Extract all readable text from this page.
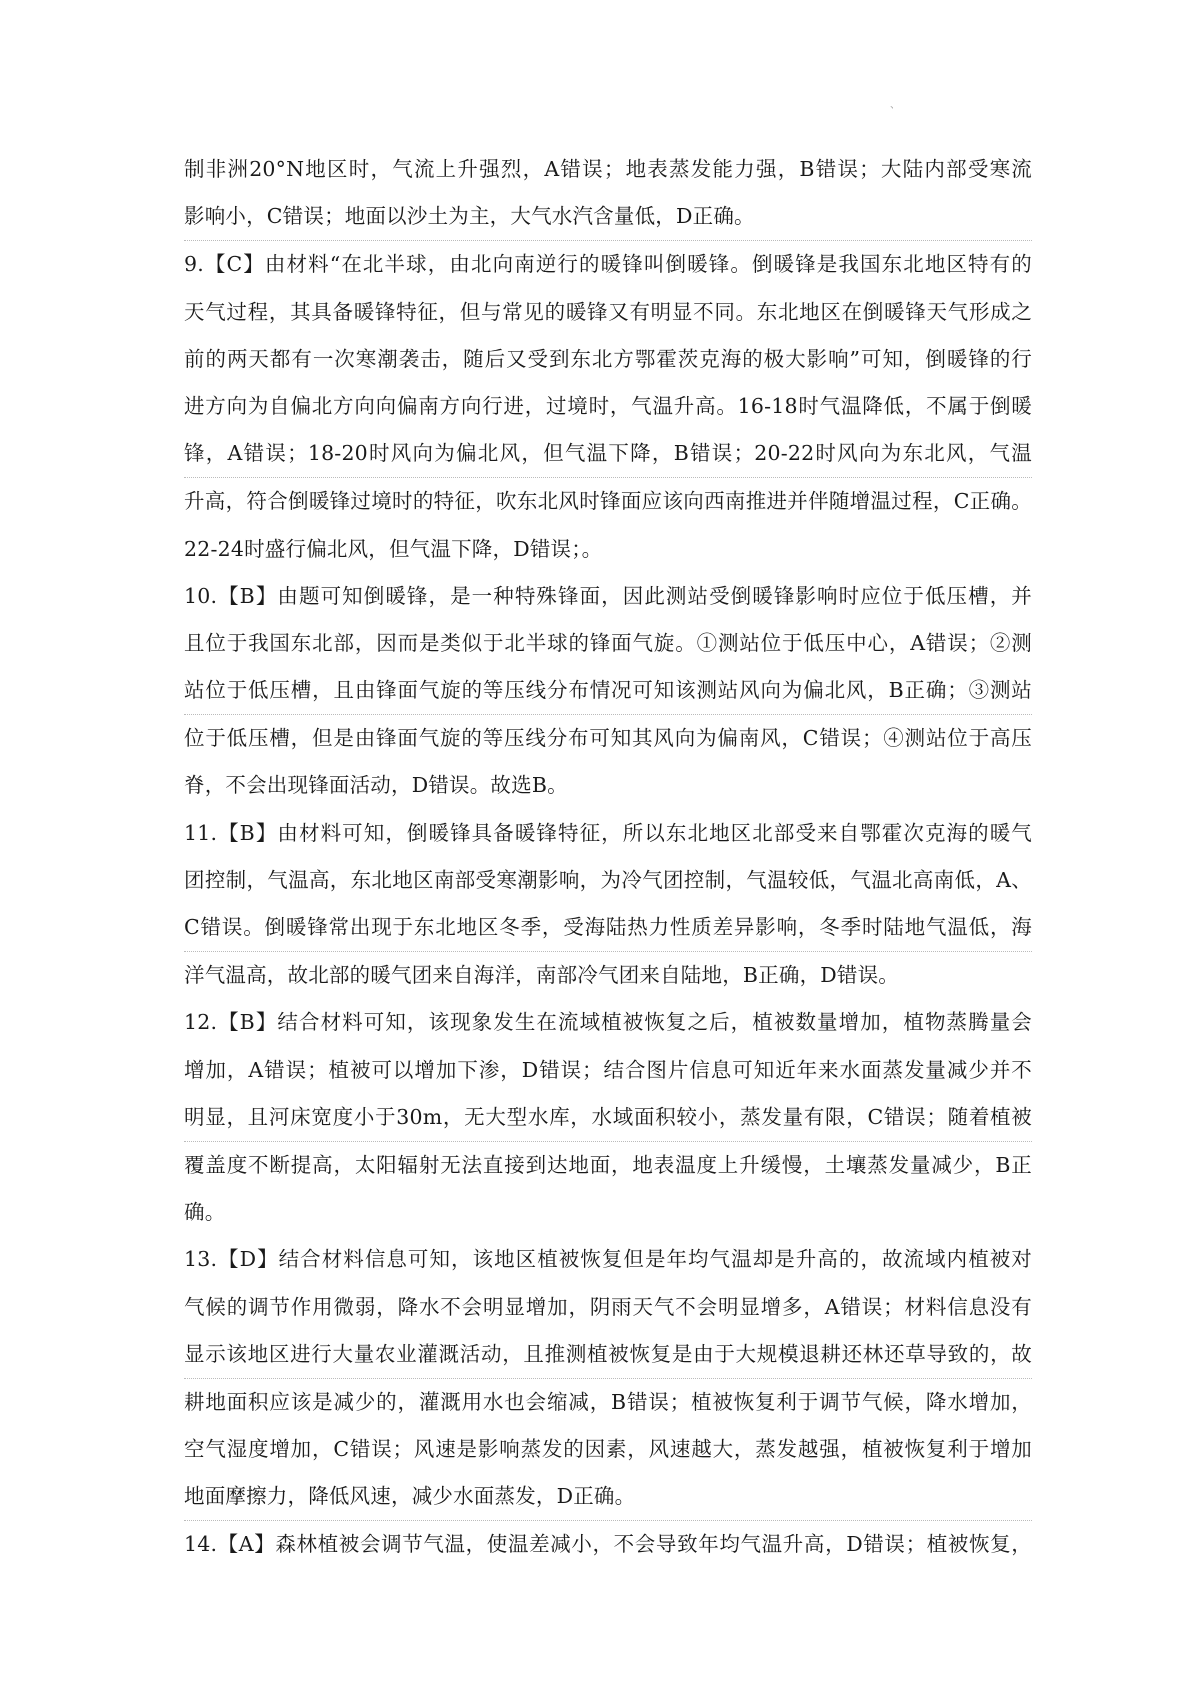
、
制非洲20°N地区时，气流上升强烈，A错误；地表蒸发能力强，B错误；大陆内部受寒流
影响小，C错误；地面以沙土为主，大气水汽含量低，D正确。
9.【C】由材料“在北半球，由北向南逆行的暖锋叫倒暖锋。倒暖锋是我国东北地区特有的
天气过程，其具备暖锋特征，但与常见的暖锋又有明显不同。东北地区在倒暖锋天气形成之
前的两天都有一次寒潮袭击，随后又受到东北方鄂霍茨克海的极大影响”可知，倒暖锋的行
进方向为自偏北方向向偏南方向行进，过境时，气温升高。16-18时气温降低，不属于倒暖
锋，A错误；18-20时风向为偏北风，但气温下降，B错误；20-22时风向为东北风，气温
升高，符合倒暖锋过境时的特征，吹东北风时锋面应该向西南推进并伴随增温过程，C正确。
22-24时盛行偏北风，但气温下降，D错误；。
10.【B】由题可知倒暖锋，是一种特殊锋面，因此测站受倒暖锋影响时应位于低压槽，并
且位于我国东北部，因而是类似于北半球的锋面气旋。①测站位于低压中心，A错误；②测
站位于低压槽，且由锋面气旋的等压线分布情况可知该测站风向为偏北风，B正确；③测站
位于低压槽，但是由锋面气旋的等压线分布可知其风向为偏南风，C错误；④测站位于高压
脊，不会出现锋面活动，D错误。故选B。
11.【B】由材料可知，倒暖锋具备暖锋特征，所以东北地区北部受来自鄂霍次克海的暖气
团控制，气温高，东北地区南部受寒潮影响，为冷气团控制，气温较低，气温北高南低，A、
C错误。倒暖锋常出现于东北地区冬季，受海陆热力性质差异影响，冬季时陆地气温低，海
洋气温高，故北部的暖气团来自海洋，南部冷气团来自陆地，B正确，D错误。
12.【B】结合材料可知，该现象发生在流域植被恢复之后，植被数量增加，植物蒸腾量会
增加，A错误；植被可以增加下渗，D错误；结合图片信息可知近年来水面蒸发量减少并不
明显，且河床宽度小于30m，无大型水库，水域面积较小，蒸发量有限，C错误；随着植被
覆盖度不断提高，太阳辐射无法直接到达地面，地表温度上升缓慢，土壤蒸发量减少，B正
确。
13.【D】结合材料信息可知，该地区植被恢复但是年均气温却是升高的，故流域内植被对
气候的调节作用微弱，降水不会明显增加，阴雨天气不会明显增多，A错误；材料信息没有
显示该地区进行大量农业灌溉活动，且推测植被恢复是由于大规模退耕还林还草导致的，故
耕地面积应该是减少的，灌溉用水也会缩减，B错误；植被恢复利于调节气候，降水增加，
空气湿度增加，C错误；风速是影响蒸发的因素，风速越大，蒸发越强，植被恢复利于增加
地面摩擦力，降低风速，减少水面蒸发，D正确。
14.【A】森林植被会调节气温，使温差减小，不会导致年均气温升高，D错误；植被恢复，
